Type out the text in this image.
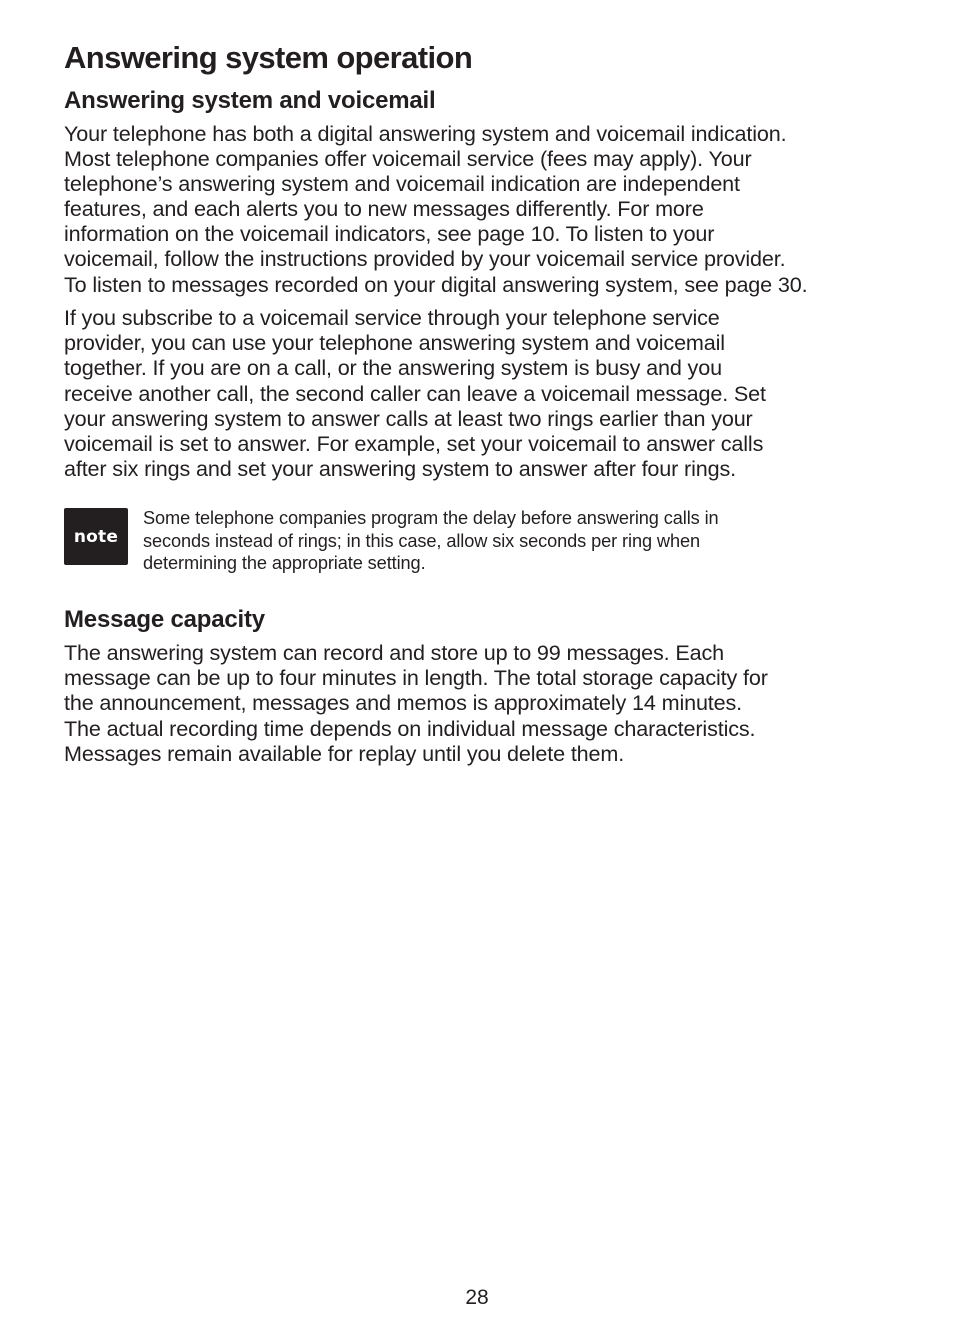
Answering system operation
Answering system and voicemail
Your telephone has both a digital answering system and voicemail indication.
Most telephone companies offer voicemail service (fees may apply). Your
telephone’s answering system and voicemail indication are independent
features, and each alerts you to new messages differently. For more
information on the voicemail indicators, see page 10. To listen to your
voicemail, follow the instructions provided by your voicemail service provider.
To listen to messages recorded on your digital answering system, see page 30.
If you subscribe to a voicemail service through your telephone service
provider, you can use your telephone answering system and voicemail
together. If you are on a call, or the answering system is busy and you
receive another call, the second caller can leave a voicemail message. Set
your answering system to answer calls at least two rings earlier than your
voicemail is set to answer. For example, set your voicemail to answer calls
after six rings and set your answering system to answer after four rings.
note
Some telephone companies program the delay before answering calls in
seconds instead of rings; in this case, allow six seconds per ring when
determining the appropriate setting.
Message capacity
The answering system can record and store up to 99 messages. Each
message can be up to four minutes in length. The total storage capacity for
the announcement, messages and memos is approximately 14 minutes.
The actual recording time depends on individual message characteristics.
Messages remain available for replay until you delete them.
28
